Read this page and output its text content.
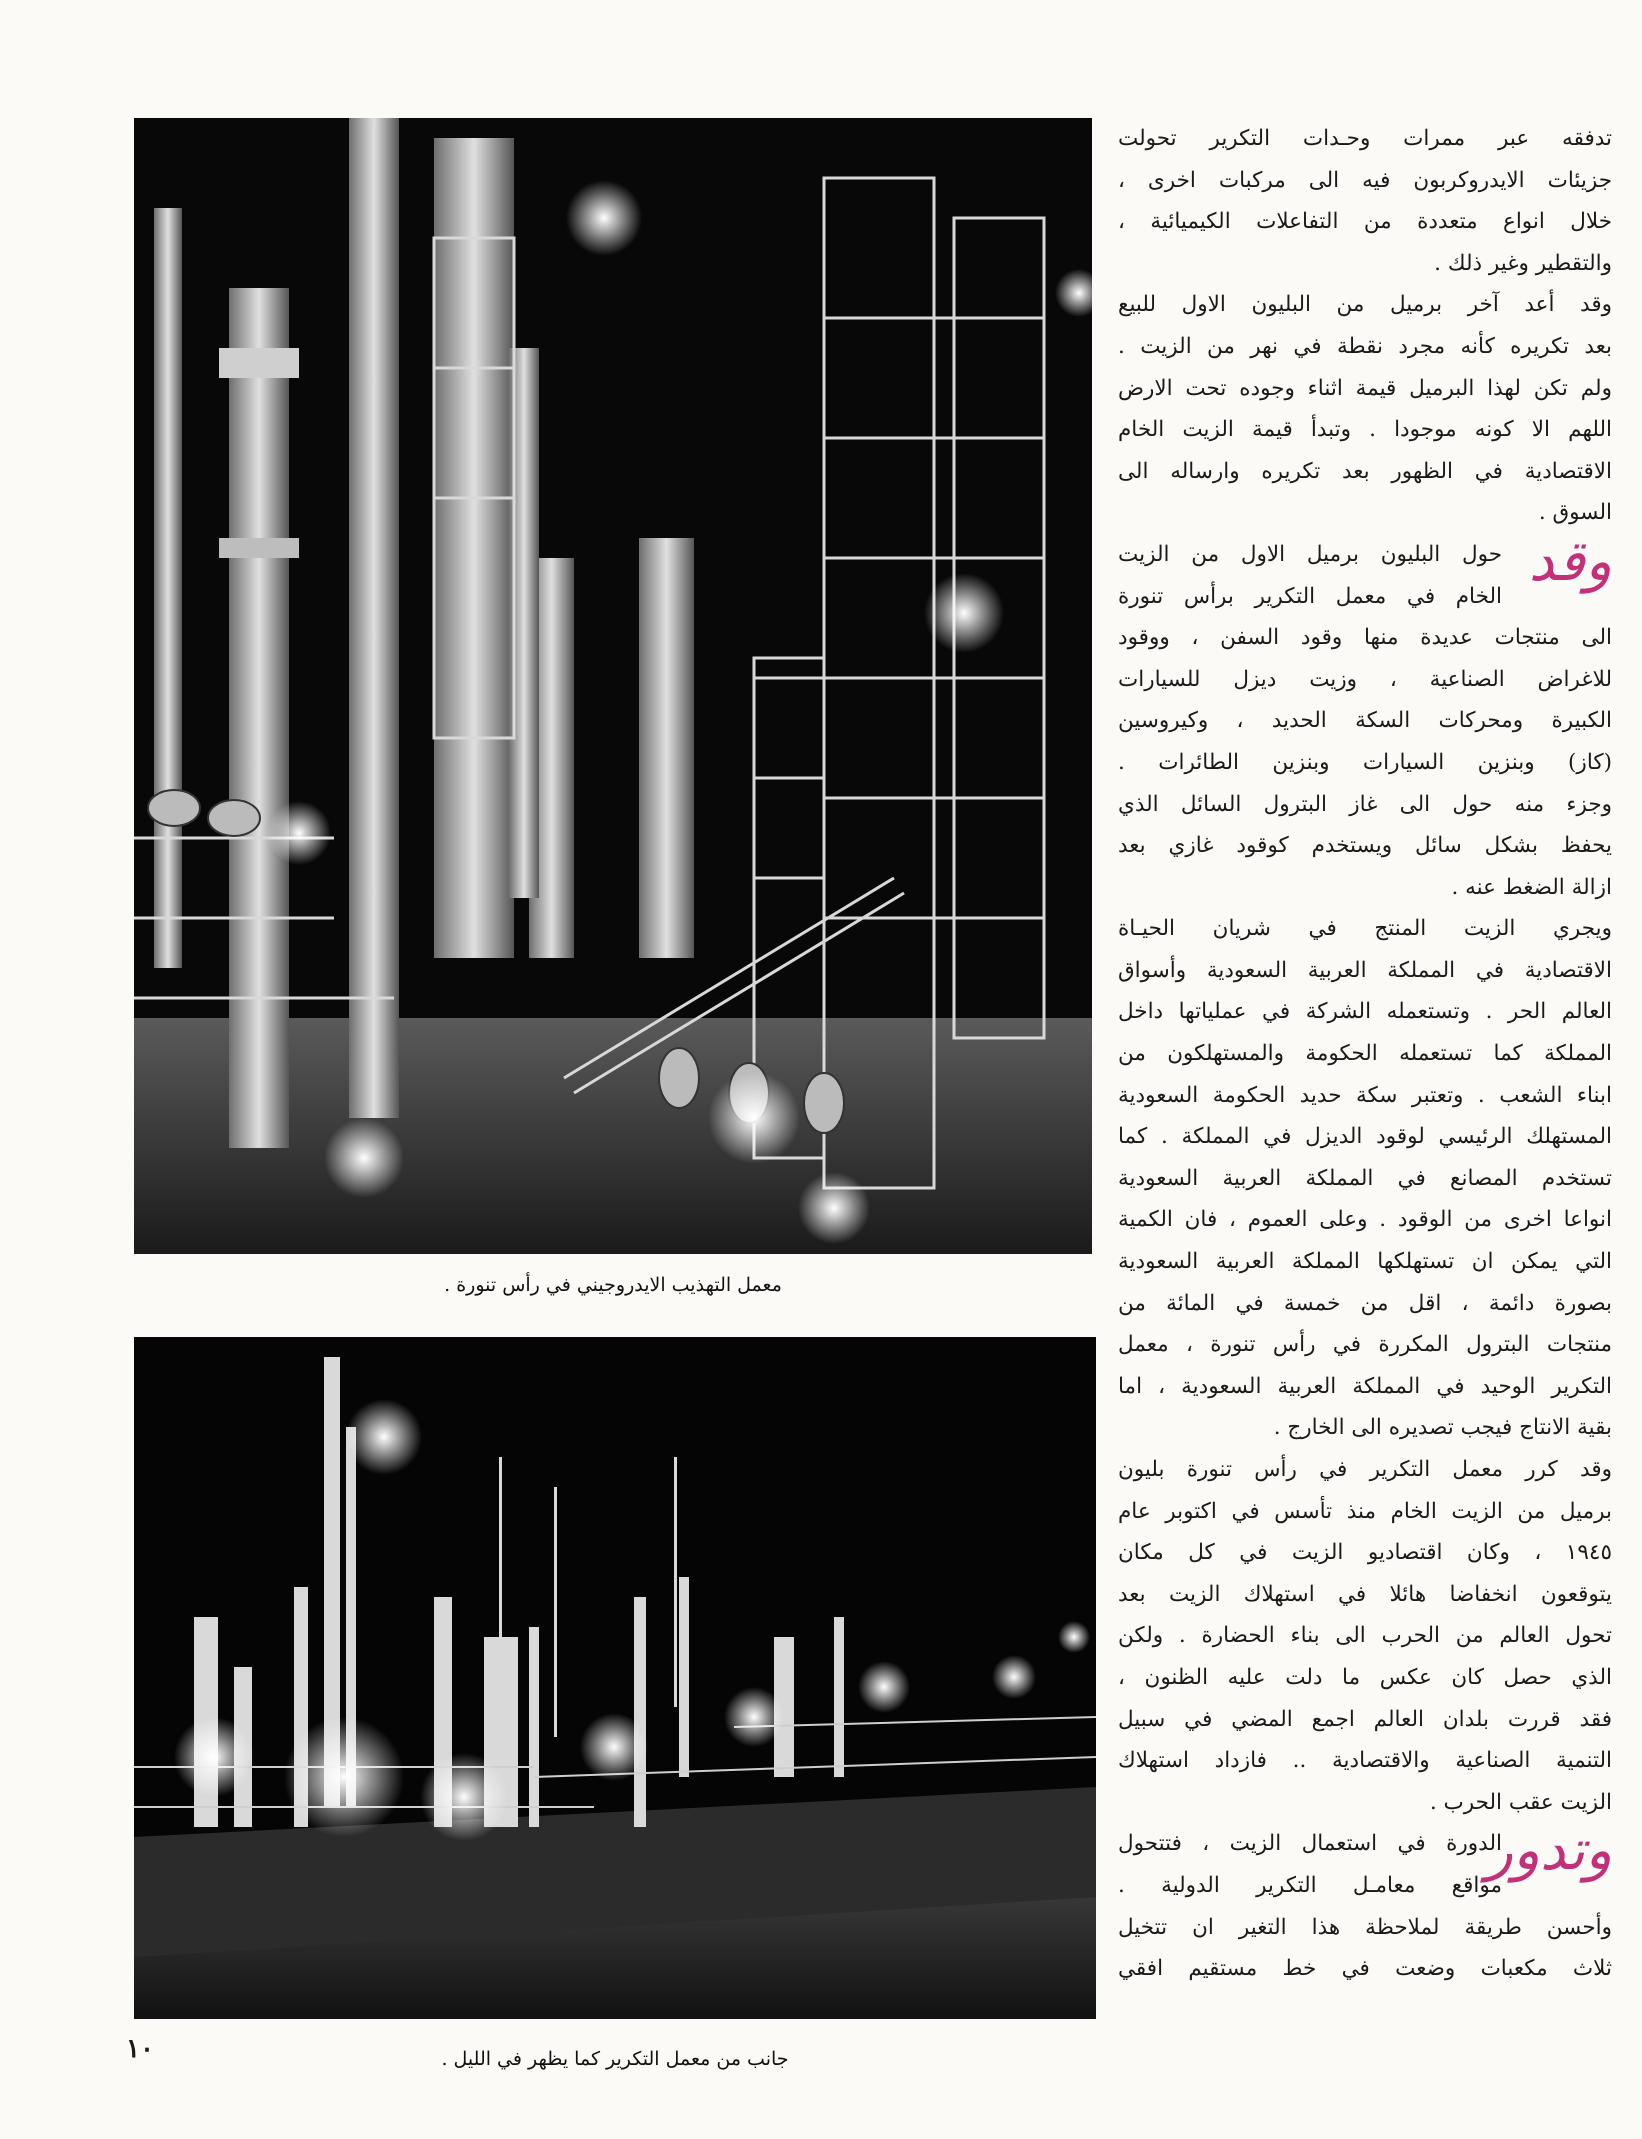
معمل التهذيب الايدروجيني في رأس تنورة .
جانب من معمل التكرير كما يظهر في الليل .

تدفقه عبر ممرات وحـدات التكرير تحولت
جزيئات الايدروكربون فيه الى مركبات اخرى ،
خلال انواع متعددة من التفاعلات الكيميائية ،
والتقطير وغير ذلك .

وقد أعد آخر برميل من البليون الاول للبيع
بعد تكريره كأنه مجرد نقطة في نهر من الزيت .
ولم تكن لهذا البرميل قيمة اثناء وجوده تحت الارض
اللهم الا كونه موجودا . وتبدأ قيمة الزيت الخام
الاقتصادية في الظهور بعد تكريره وارساله الى
السوق .

وقد
حول البليون برميل الاول من الزيت
الخام في معمل التكرير برأس تنورة
الى منتجات عديدة منها وقود السفن ، ووقود
للاغراض الصناعية ، وزيت ديزل للسيارات
الكبيرة ومحركات السكة الحديد ، وكيروسين
(كاز) وبنزين السيارات وبنزين الطائرات .
وجزء منه حول الى غاز البترول السائل الذي
يحفظ بشكل سائل ويستخدم كوقود غازي بعد
ازالة الضغط عنه .

ويجري الزيت المنتج في شريان الحيـاة
الاقتصادية في المملكة العربية السعودية وأسواق
العالم الحر . وتستعمله الشركة في عملياتها داخل
المملكة كما تستعمله الحكومة والمستهلكون من
ابناء الشعب . وتعتبر سكة حديد الحكومة السعودية
المستهلك الرئيسي لوقود الديزل في المملكة . كما
تستخدم المصانع في المملكة العربية السعودية
انواعا اخرى من الوقود . وعلى العموم ، فان الكمية
التي يمكن ان تستهلكها المملكة العربية السعودية
بصورة دائمة ، اقل من خمسة في المائة من
منتجات البترول المكررة في رأس تنورة ، معمل
التكرير الوحيد في المملكة العربية السعودية ، اما
بقية الانتاج فيجب تصديره الى الخارج .

وقد كرر معمل التكرير في رأس تنورة بليون
برميل من الزيت الخام منذ تأسس في اكتوبر عام
١٩٤٥ ، وكان اقتصاديو الزيت في كل مكان
يتوقعون انخفاضا هائلا في استهلاك الزيت بعد
تحول العالم من الحرب الى بناء الحضارة . ولكن
الذي حصل كان عكس ما دلت عليه الظنون ،
فقد قررت بلدان العالم اجمع المضي في سبيل
التنمية الصناعية والاقتصادية .. فازداد استهلاك
الزيت عقب الحرب .

وتدور
الدورة في استعمال الزيت ، فتتحول
مواقع معامـل التكرير الدولية .
وأحسن طريقة لملاحظة هذا التغير ان تتخيل
ثلاث مكعبات وضعت في خط مستقيم افقي

١٠
